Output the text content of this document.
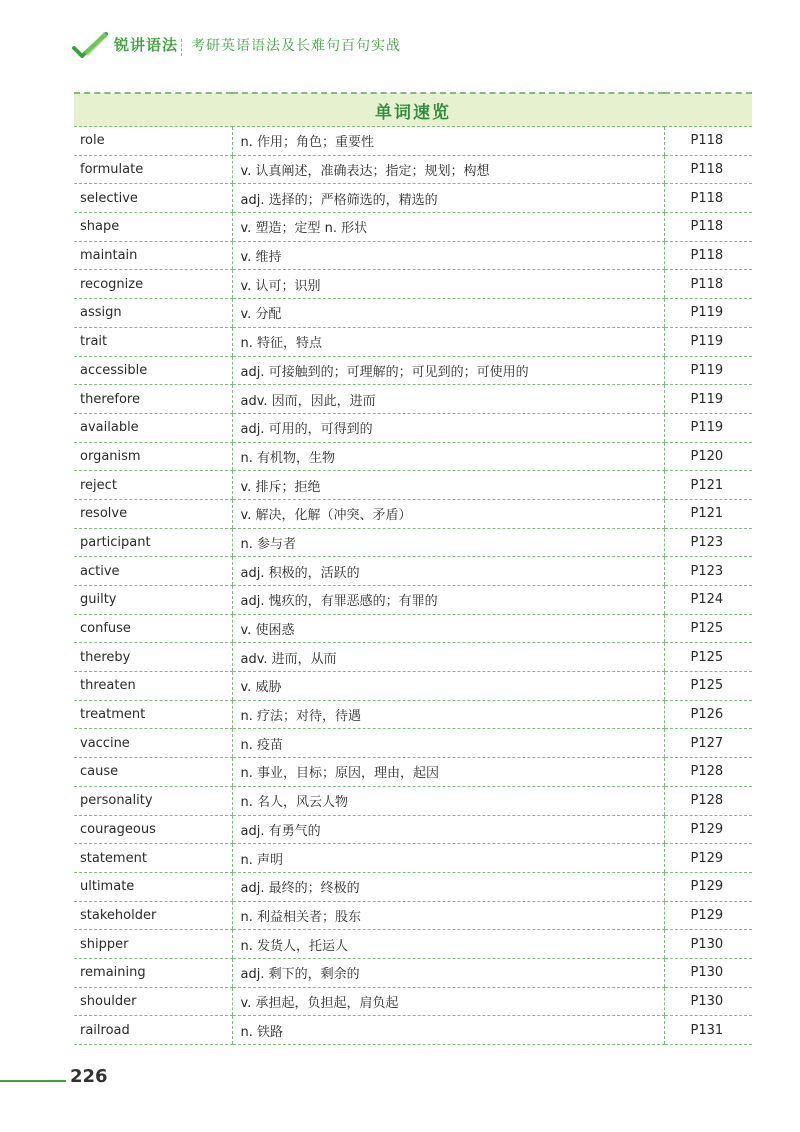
锐讲语法 考研英语语法及长难句百句实战
单词速览		
role	n. 作用；角色；重要性	P118
formulate	v. 认真阐述，准确表达；指定；规划；构想	P118
selective	adj. 选择的；严格筛选的，精选的	P118
shape	v. 塑造；定型 n. 形状	P118
maintain	v. 维持	P118
recognize	v. 认可；识别	P118
assign	v. 分配	P119
trait	n. 特征，特点	P119
accessible	adj. 可接触到的；可理解的；可见到的；可使用的	P119
therefore	adv. 因而，因此，进而	P119
available	adj. 可用的，可得到的	P119
organism	n. 有机物，生物	P120
reject	v. 排斥；拒绝	P121
resolve	v. 解决，化解（冲突、矛盾）	P121
participant	n. 参与者	P123
active	adj. 积极的，活跃的	P123
guilty	adj. 愧疚的，有罪恶感的；有罪的	P124
confuse	v. 使困惑	P125
thereby	adv. 进而，从而	P125
threaten	v. 威胁	P125
treatment	n. 疗法；对待，待遇	P126
vaccine	n. 疫苗	P127
cause	n. 事业，目标；原因，理由，起因	P128
personality	n. 名人，风云人物	P128
courageous	adj. 有勇气的	P129
statement	n. 声明	P129
ultimate	adj. 最终的；终极的	P129
stakeholder	n. 利益相关者；股东	P129
shipper	n. 发货人，托运人	P130
remaining	adj. 剩下的，剩余的	P130
shoulder	v. 承担起，负担起，肩负起	P130
railroad	n. 铁路	P131
226
